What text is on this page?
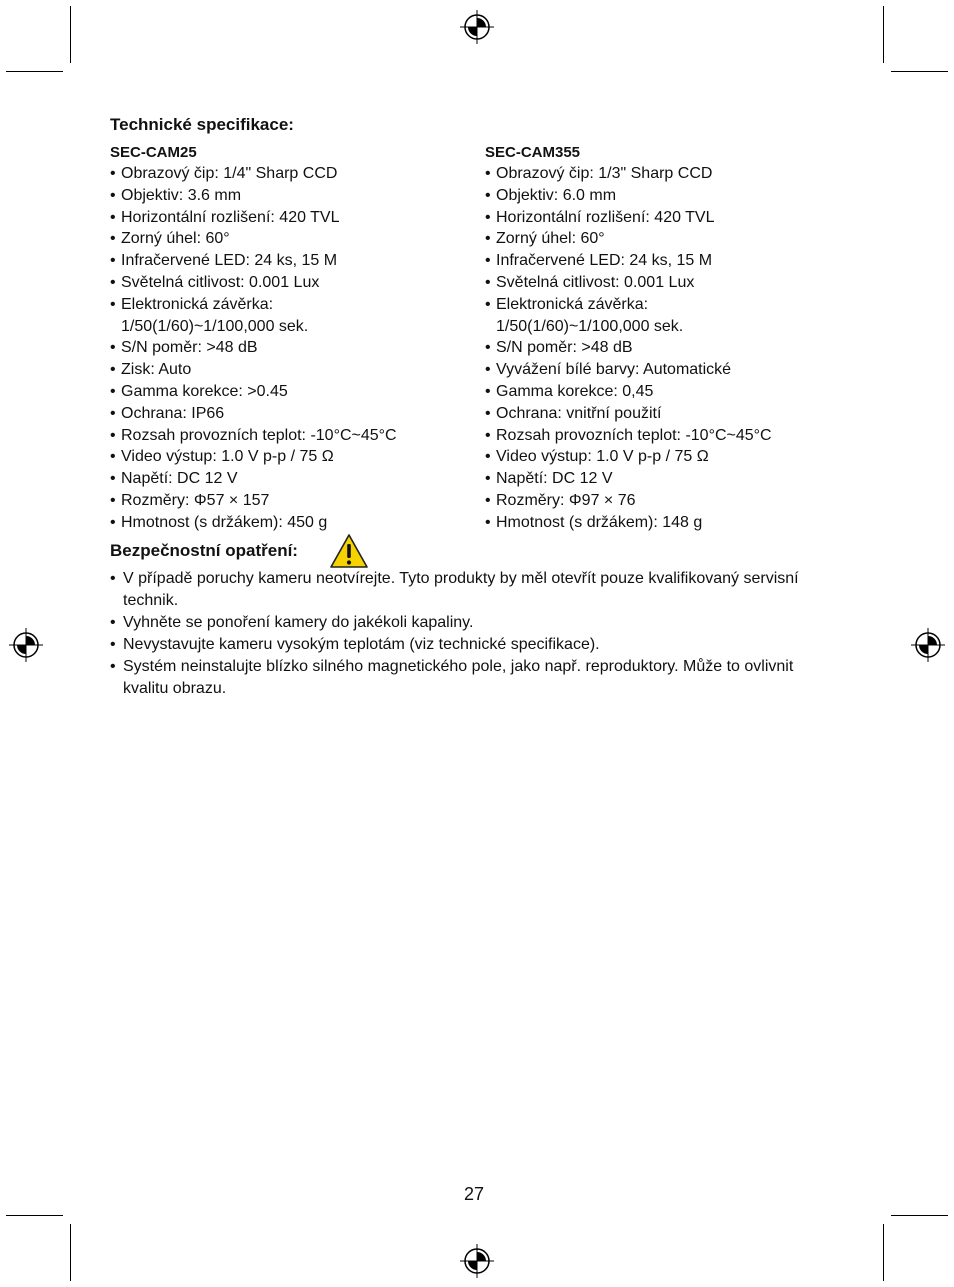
Technické specifikace:
SEC-CAM25
• Obrazový čip: 1/4" Sharp CCD
• Objektiv: 3.6 mm
• Horizontální rozlišení: 420 TVL
• Zorný úhel: 60°
• Infračervené LED: 24 ks, 15 M
• Světelná citlivost: 0.001 Lux
• Elektronická závěrka:
1/50(1/60)~1/100,000 sek.
• S/N poměr: >48 dB
• Zisk: Auto
• Gamma korekce: >0.45
• Ochrana: IP66
• Rozsah provozních teplot: -10°C~45°C
• Video výstup: 1.0 V p-p / 75 Ω
• Napětí: DC 12 V
• Rozměry: Φ57 × 157
• Hmotnost (s držákem): 450 g
SEC-CAM355
• Obrazový čip: 1/3" Sharp CCD
• Objektiv: 6.0 mm
• Horizontální rozlišení: 420 TVL
• Zorný úhel: 60°
• Infračervené LED: 24 ks, 15 M
• Světelná citlivost: 0.001 Lux
• Elektronická závěrka:
1/50(1/60)~1/100,000 sek.
• S/N poměr: >48 dB
• Vyvážení bílé barvy: Automatické
• Gamma korekce: 0,45
• Ochrana: vnitřní použití
• Rozsah provozních teplot: -10°C~45°C
• Video výstup: 1.0 V p-p / 75 Ω
• Napětí: DC 12 V
• Rozměry: Φ97 × 76
• Hmotnost (s držákem): 148 g
Bezpečnostní opatření:
• V případě poruchy kameru neotvírejte. Tyto produkty by měl otevřít pouze kvalifikovaný servisní technik.
• Vyhněte se ponoření kamery do jakékoli kapaliny.
• Nevystavujte kameru vysokým teplotám (viz technické specifikace).
• Systém neinstalujte blízko silného magnetického pole, jako např. reproduktory. Může to ovlivnit kvalitu obrazu.
27
